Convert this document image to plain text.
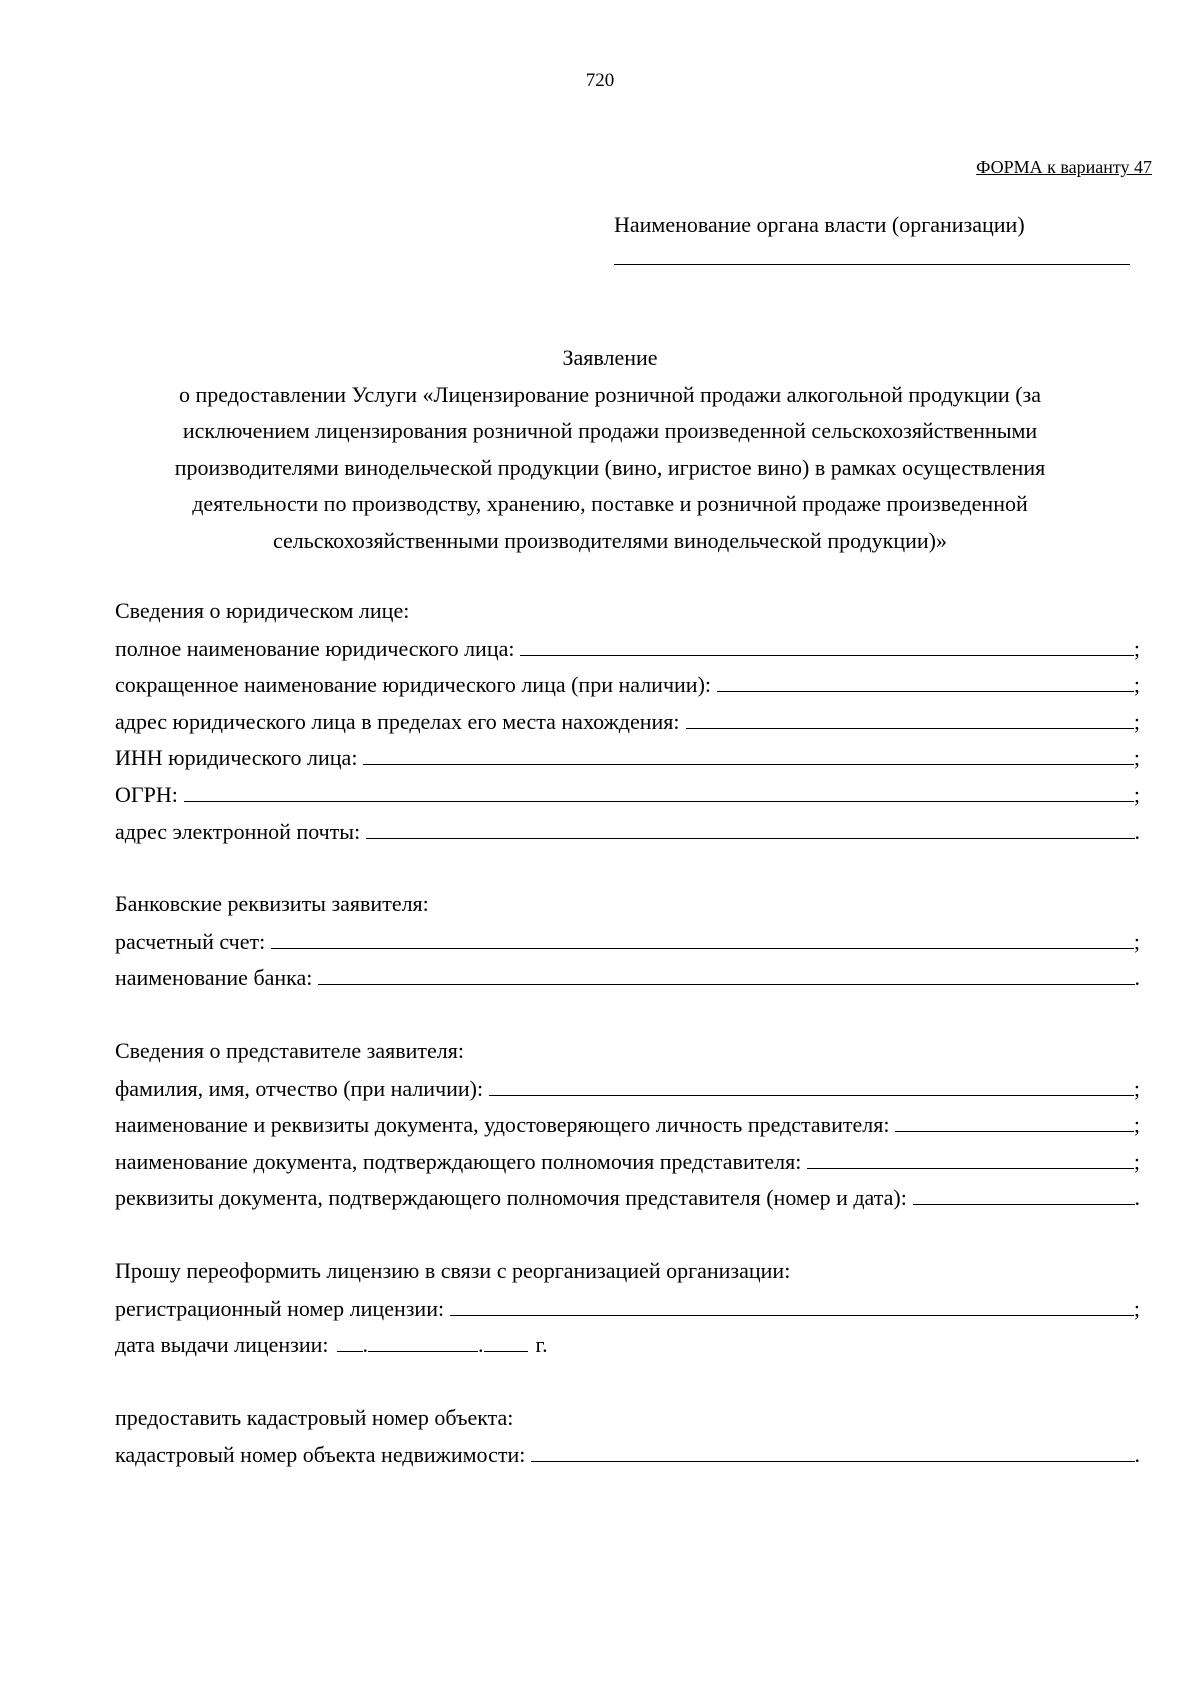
720
ФОРМА к варианту 47
Наименование органа власти (организации)
Заявление
о предоставлении Услуги «Лицензирование розничной продажи алкогольной продукции (за
исключением лицензирования розничной продажи произведенной сельскохозяйственными
производителями винодельческой продукции (вино, игристое вино) в рамках осуществления
деятельности по производству, хранению, поставке и розничной продаже произведенной
сельскохозяйственными производителями винодельческой продукции)»
Сведения о юридическом лице:
полное наименование юридического лица:	;
сокращенное наименование юридического лица (при наличии):	;
адрес юридического лица в пределах его места нахождения:	;
ИНН юридического лица:	;
ОГРН:	;
адрес электронной почты:	.
Банковские реквизиты заявителя:
расчетный счет:	;
наименование банка:	.
Сведения о представителе заявителя:
фамилия, имя, отчество (при наличии):	;
наименование и реквизиты документа, удостоверяющего личность представителя:	;
наименование документа, подтверждающего полномочия представителя:	;
реквизиты документа, подтверждающего полномочия представителя (номер и дата):	.
Прошу переоформить лицензию в связи с реорганизацией организации:
регистрационный номер лицензии:	;
дата выдачи лицензии: .	. г.
предоставить кадастровый номер объекта:
кадастровый номер объекта недвижимости:	.
